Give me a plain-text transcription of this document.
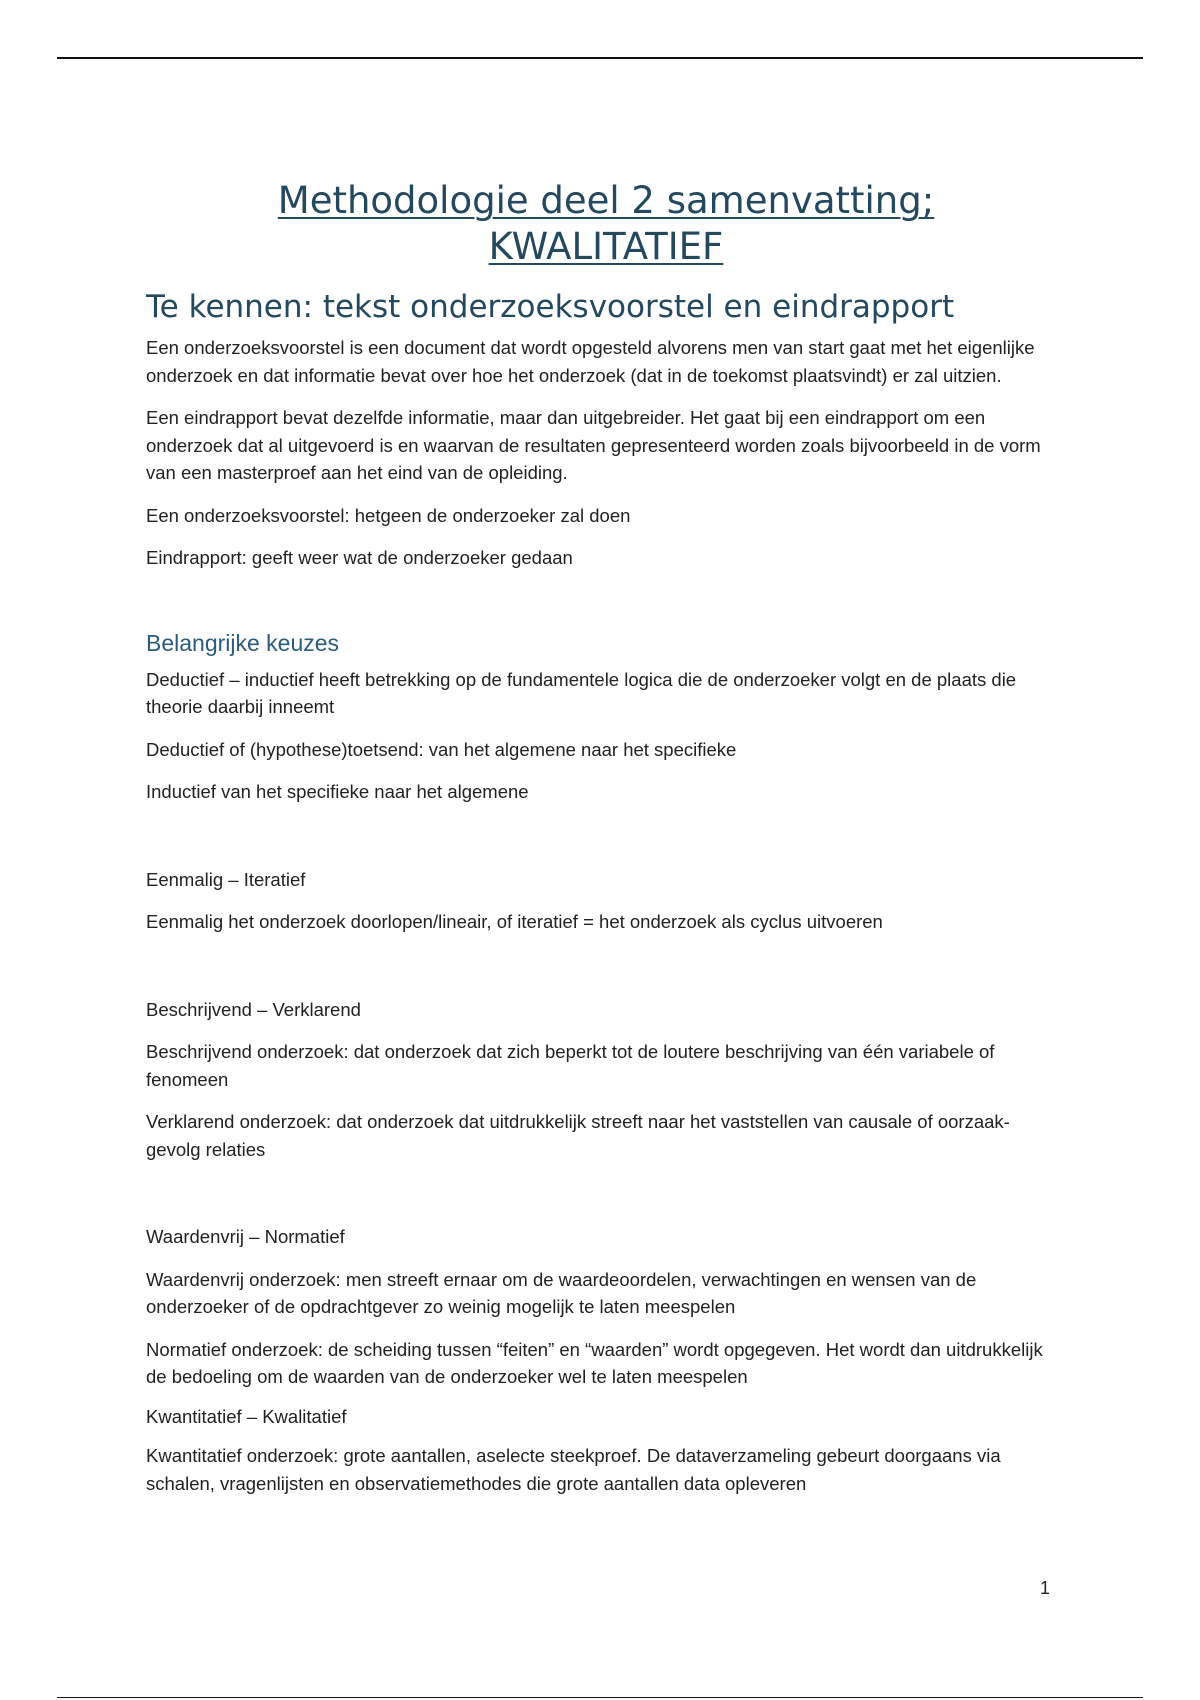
Methodologie deel 2 samenvatting;
KWALITATIEF
Te kennen: tekst onderzoeksvoorstel en eindrapport

Een onderzoeksvoorstel is een document dat wordt opgesteld alvorens men van start gaat met het eigenlijke onderzoek en dat informatie bevat over hoe het onderzoek (dat in de toekomst plaatsvindt) er zal uitzien.

Een eindrapport bevat dezelfde informatie, maar dan uitgebreider. Het gaat bij een eindrapport om een onderzoek dat al uitgevoerd is en waarvan de resultaten gepresenteerd worden zoals bijvoorbeeld in de vorm van een masterproef aan het eind van de opleiding.

Een onderzoeksvoorstel: hetgeen de onderzoeker zal doen

Eindrapport: geeft weer wat de onderzoeker gedaan

Belangrijke keuzes

Deductief – inductief heeft betrekking op de fundamentele logica die de onderzoeker volgt en de plaats die theorie daarbij inneemt

Deductief of (hypothese)toetsend: van het algemene naar het specifieke

Inductief van het specifieke naar het algemene

Eenmalig – Iteratief

Eenmalig het onderzoek doorlopen/lineair, of iteratief = het onderzoek als cyclus uitvoeren

Beschrijvend – Verklarend

Beschrijvend onderzoek: dat onderzoek dat zich beperkt tot de loutere beschrijving van één variabele of fenomeen

Verklarend onderzoek: dat onderzoek dat uitdrukkelijk streeft naar het vaststellen van causale of oorzaak-gevolg relaties

Waardenvrij – Normatief

Waardenvrij onderzoek: men streeft ernaar om de waardeoordelen, verwachtingen en wensen van de onderzoeker of de opdrachtgever zo weinig mogelijk te laten meespelen

Normatief onderzoek: de scheiding tussen “feiten” en “waarden” wordt opgegeven. Het wordt dan uitdrukkelijk de bedoeling om de waarden van de onderzoeker wel te laten meespelen

Kwantitatief – Kwalitatief

Kwantitatief onderzoek: grote aantallen, aselecte steekproef. De dataverzameling gebeurt doorgaans via schalen, vragenlijsten en observatiemethodes die grote aantallen data opleveren

1
